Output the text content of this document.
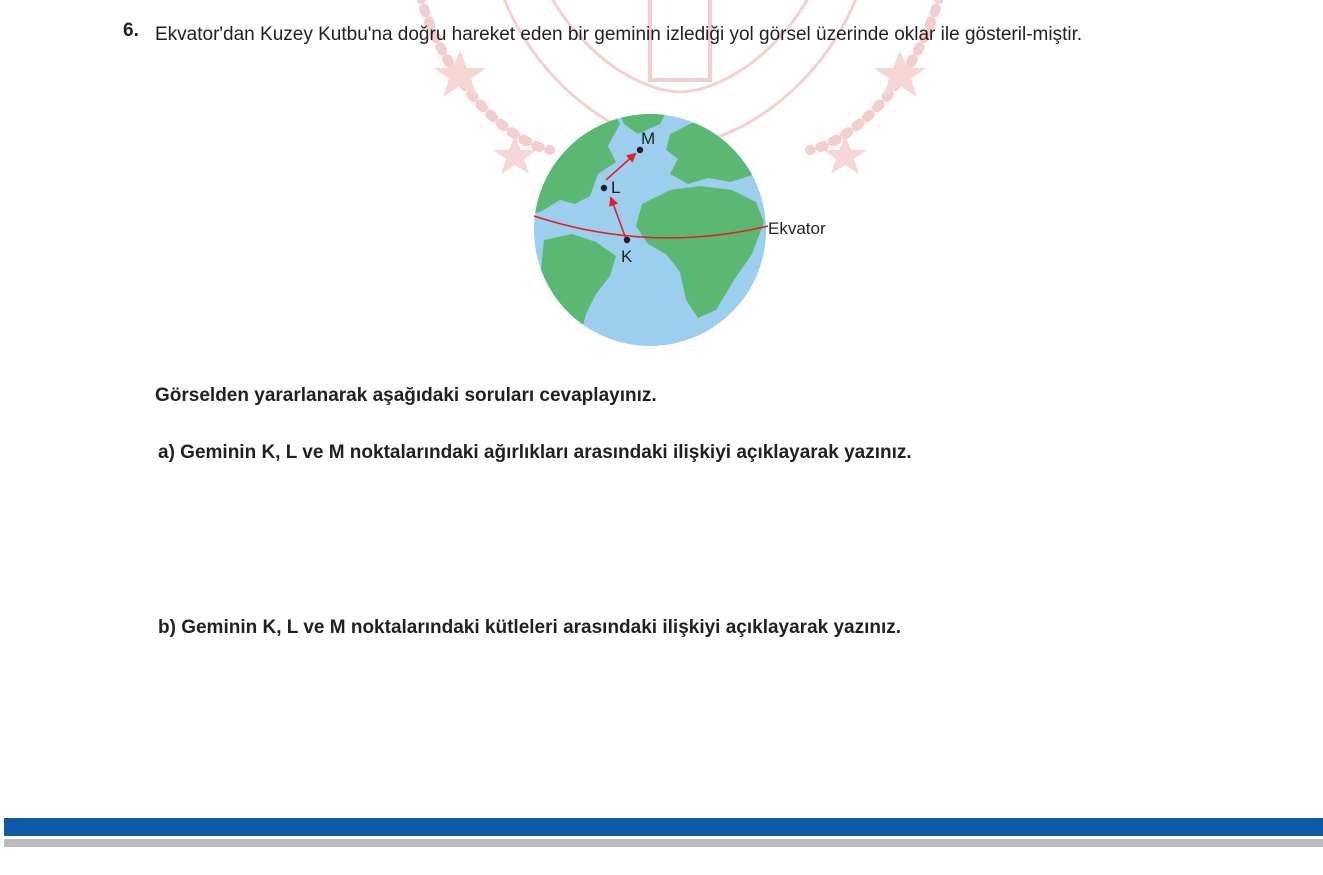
6. Ekvator'dan Kuzey Kutbu'na doğru hareket eden bir geminin izlediği yol görsel üzerinde oklar ile gösteril-miştir.
K
L
M
Ekvator
Görselden yararlanarak aşağıdaki soruları cevaplayınız.
a) Geminin K, L ve M noktalarındaki ağırlıkları arasındaki ilişkiyi açıklayarak yazınız.
b) Geminin K, L ve M noktalarındaki kütleleri arasındaki ilişkiyi açıklayarak yazınız.
